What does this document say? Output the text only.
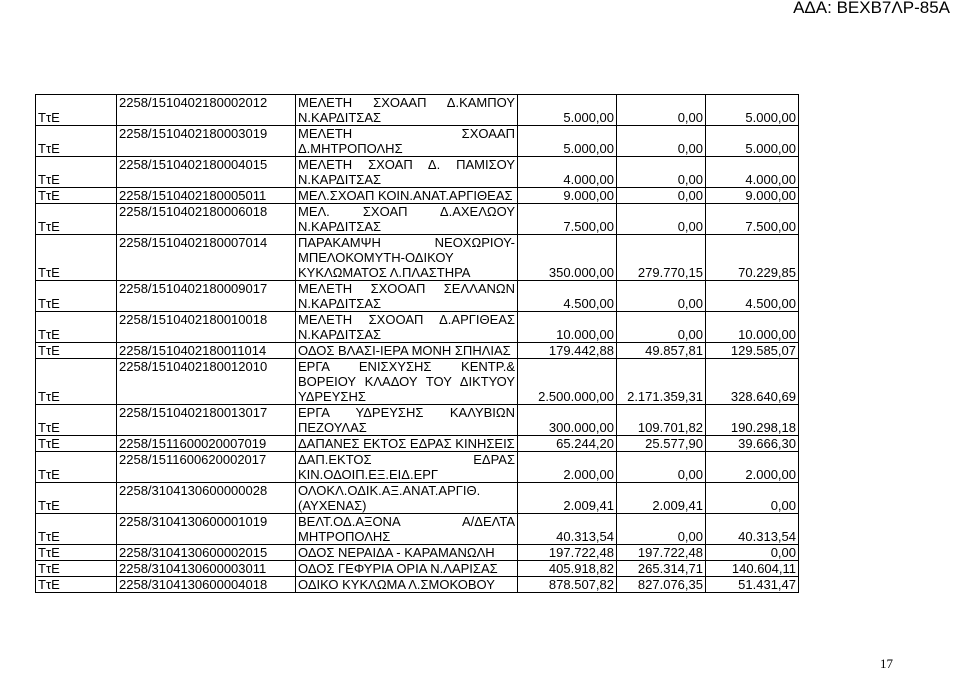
ΑΔΑ: ΒΕΧΒ7ΛΡ-85Α
ΤτΕ	2258/1510402180002012	ΜΕΛΕΤΗ ΣΧΟΑΑΠ Δ.ΚΑΜΠΟΥ Ν.ΚΑΡΔΙΤΣΑΣ	5.000,00	0,00	5.000,00
ΤτΕ	2258/1510402180003019	ΜΕΛΕΤΗ ΣΧΟΑΑΠ Δ.ΜΗΤΡΟΠΟΛΗΣ	5.000,00	0,00	5.000,00
ΤτΕ	2258/1510402180004015	ΜΕΛΕΤΗ ΣΧΟΑΠ Δ. ΠΑΜΙΣΟΥ Ν.ΚΑΡΔΙΤΣΑΣ	4.000,00	0,00	4.000,00
ΤτΕ	2258/1510402180005011	ΜΕΛ.ΣΧΟΑΠ ΚΟΙΝ.ΑΝΑΤ.ΑΡΓΙΘΕΑΣ	9.000,00	0,00	9.000,00
ΤτΕ	2258/1510402180006018	ΜΕΛ. ΣΧΟΑΠ Δ.ΑΧΕΛΩΟΥ Ν.ΚΑΡΔΙΤΣΑΣ	7.500,00	0,00	7.500,00
ΤτΕ	2258/1510402180007014	ΠΑΡΑΚΑΜΨΗ ΝΕΟΧΩΡΙΟΥ-ΜΠΕΛΟΚΟΜΥΤΗ-ΟΔΙΚΟΥ ΚΥΚΛΩΜΑΤΟΣ Λ.ΠΛΑΣΤΗΡΑ	350.000,00	279.770,15	70.229,85
ΤτΕ	2258/1510402180009017	ΜΕΛΕΤΗ ΣΧΟΟΑΠ ΣΕΛΛΑΝΩΝ Ν.ΚΑΡΔΙΤΣΑΣ	4.500,00	0,00	4.500,00
ΤτΕ	2258/1510402180010018	ΜΕΛΕΤΗ ΣΧΟΟΑΠ Δ.ΑΡΓΙΘΕΑΣ Ν.ΚΑΡΔΙΤΣΑΣ	10.000,00	0,00	10.000,00
ΤτΕ	2258/1510402180011014	ΟΔΟΣ ΒΛΑΣΙ-ΙΕΡΑ ΜΟΝΗ ΣΠΗΛΙΑΣ	179.442,88	49.857,81	129.585,07
ΤτΕ	2258/1510402180012010	ΕΡΓΑ ΕΝΙΣΧΥΣΗΣ ΚΕΝΤΡ.& ΒΟΡΕΙΟΥ ΚΛΑΔΟΥ ΤΟΥ ΔΙΚΤΥΟΥ ΥΔΡΕΥΣΗΣ	2.500.000,00	2.171.359,31	328.640,69
ΤτΕ	2258/1510402180013017	ΕΡΓΑ ΥΔΡΕΥΣΗΣ ΚΑΛΥΒΙΩΝ ΠΕΖΟΥΛΑΣ	300.000,00	109.701,82	190.298,18
ΤτΕ	2258/1511600020007019	ΔΑΠΑΝΕΣ ΕΚΤΟΣ ΕΔΡΑΣ ΚΙΝΗΣΕΙΣ	65.244,20	25.577,90	39.666,30
ΤτΕ	2258/1511600620002017	ΔΑΠ.ΕΚΤΟΣ ΕΔΡΑΣ ΚΙΝ.ΟΔΟΙΠ.ΕΞ.ΕΙΔ.ΕΡΓ	2.000,00	0,00	2.000,00
ΤτΕ	2258/3104130600000028	ΟΛΟΚΛ.ΟΔΙΚ.ΑΞ.ΑΝΑΤ.ΑΡΓΙΘ.(ΑΥΧΕΝΑΣ)	2.009,41	2.009,41	0,00
ΤτΕ	2258/3104130600001019	ΒΕΛΤ.ΟΔ.ΑΞΟΝΑ Α/ΔΕΛΤΑ ΜΗΤΡΟΠΟΛΗΣ	40.313,54	0,00	40.313,54
ΤτΕ	2258/3104130600002015	ΟΔΟΣ ΝΕΡΑΙΔΑ - ΚΑΡΑΜΑΝΩΛΗ	197.722,48	197.722,48	0,00
ΤτΕ	2258/3104130600003011	ΟΔΟΣ ΓΕΦΥΡΙΑ ΟΡΙΑ Ν.ΛΑΡΙΣΑΣ	405.918,82	265.314,71	140.604,11
ΤτΕ	2258/3104130600004018	ΟΔΙΚΟ ΚΥΚΛΩΜΑ Λ.ΣΜΟΚΟΒΟΥ	878.507,82	827.076,35	51.431,47
17
